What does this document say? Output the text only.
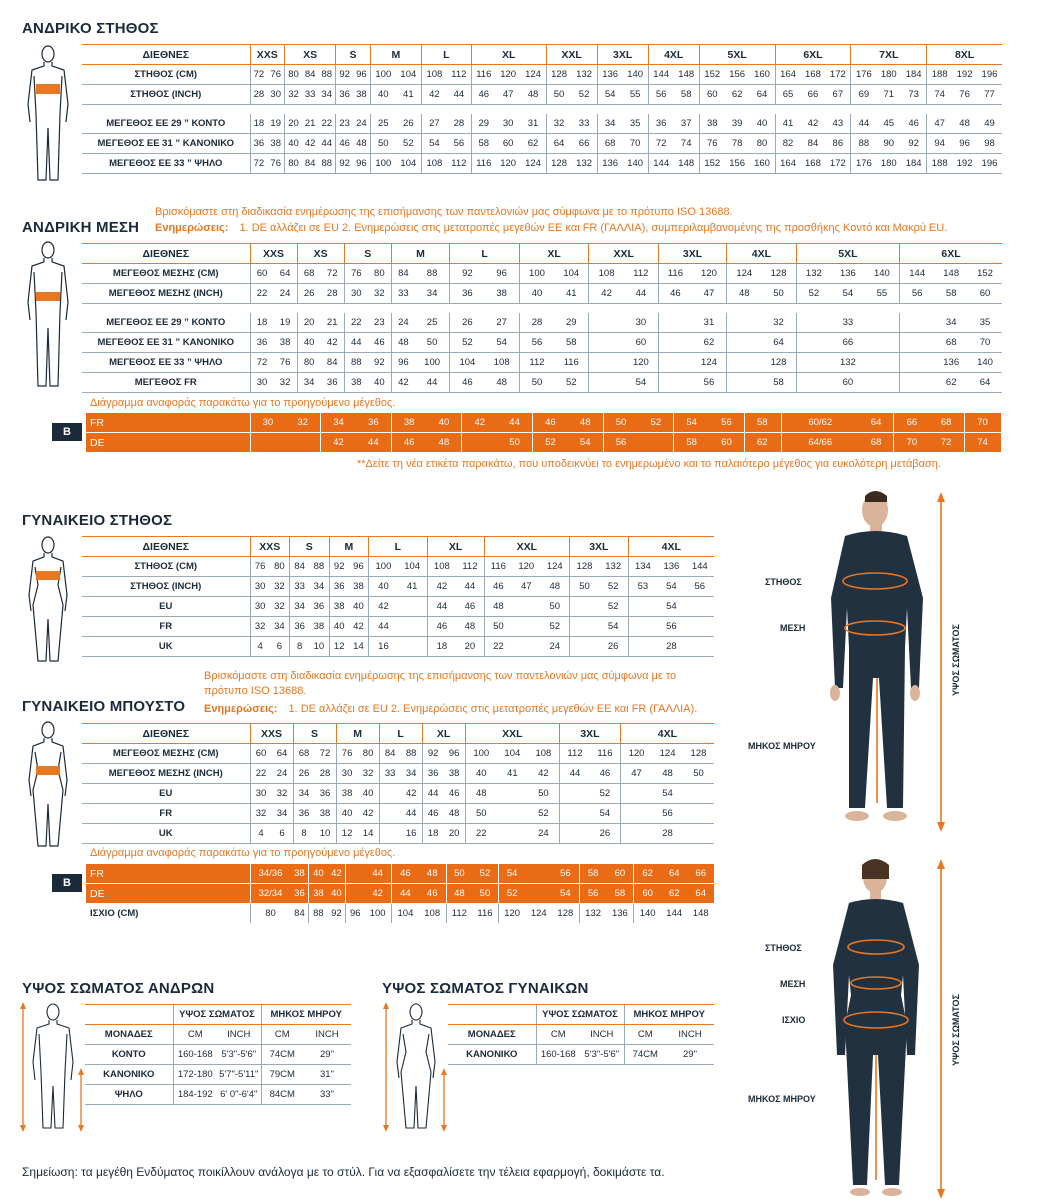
ΑΝΔΡΙΚΟ ΣΤΗΘΟΣ
ΔΙΕΘΝΕΣ	XXS		XS			S		M		L		XL			XXL		3XL		4XL		5XL			6XL			7XL			8XL		
ΣΤΗΘΟΣ (CM)	72	76	80	84	88	92	96	100	104	108	112	116	120	124	128	132	136	140	144	148	152	156	160	164	168	172	176	180	184	188	192	196
ΣΤΗΘΟΣ (INCH)	28	30	32	33	34	36	38	40	41	42	44	46	47	48	50	52	54	55	56	58	60	62	64	65	66	67	69	71	73	74	76	77

ΜΕΓΕΘΟΣ ΕΕ 29 ” ΚΟΝΤΟ	18	19	20	21	22	23	24	25	26	27	28	29	30	31	32	33	34	35	36	37	38	39	40	41	42	43	44	45	46	47	48	49
ΜΕΓΕΘΟΣ ΕΕ 31 ” ΚΑΝΟΝΙΚΟ	36	38	40	42	44	46	48	50	52	54	56	58	60	62	64	66	68	70	72	74	76	78	80	82	84	86	88	90	92	94	96	98
ΜΕΓΕΘΟΣ ΕΕ 33 ” ΨΗΛΟ	72	76	80	84	88	92	96	100	104	108	112	116	120	124	128	132	136	140	144	148	152	156	160	164	168	172	176	180	184	188	192	196
Βρισκόμαστε στη διαδικασία ενημέρωσης της επισήμανσης των παντελονιών μας σύμφωνα με το πρότυπο ISO 13688.
ΑΝΔΡΙΚΗ ΜΕΣΗ Ενημερώσεις: 1. DE αλλάζει σε EU 2. Ενημερώσεις στις μετατροπές μεγεθών ΕΕ και FR (ΓΑΛΛΙΑ), συμπεριλαμβανομένης της προσθήκης Κοντό και Μακρύ EU.
ΔΙΕΘΝΕΣ	XXS		XS		S		M		L		XL		XXL		3XL		4XL		5XL			6XL		
ΜΕΓΕΘΟΣ ΜΕΣΗΣ (CM)	60	64	68	72	76	80	84	88	92	96	100	104	108	112	116	120	124	128	132	136	140	144	148	152
ΜΕΓΕΘΟΣ ΜΕΣΗΣ (INCH)	22	24	26	28	30	32	33	34	36	38	40	41	42	44	46	47	48	50	52	54	55	56	58	60

ΜΕΓΕΘΟΣ ΕΕ 29 ” ΚΟΝΤΟ	18	19	20	21	22	23	24	25	26	27	28	29		30		31		32		33			34	35
ΜΕΓΕΘΟΣ ΕΕ 31 ” ΚΑΝΟΝΙΚΟ	36	38	40	42	44	46	48	50	52	54	56	58		60		62		64		66			68	70
ΜΕΓΕΘΟΣ ΕΕ 33 ” ΨΗΛΟ	72	76	80	84	88	92	96	100	104	108	112	116		120		124		128		132			136	140
ΜΕΓΕΘΟΣ FR	30	32	34	36	38	40	42	44	46	48	50	52		54		56		58		60			62	64
Διάγραμμα αναφοράς παρακάτω για το προηγούμενο μέγεθος.
B
FR	30	32	34	36	38	40	42	44	46	48	50	52	54	56	58		60/62	64	66	68		70		
DE			42	44	46	48		50	52	54	56		58	60	62		64/66	68	70	72		74		
**Δείτε τη νέα ετικέτα παρακάτω, που υποδεικνύει το ενημερωμένο και το παλαιότερο μέγεθος για ευκολότερη μετάβαση.
ΓΥΝΑΙΚΕΙΟ ΣΤΗΘΟΣ
ΔΙΕΘΝΕΣ	XXS		S		M		L		XL		XXL			3XL		4XL		
ΣΤΗΘΟΣ (CM)	76	80	84	88	92	96	100	104	108	112	116	120	124	128	132	134	136	144
ΣΤΗΘΟΣ (INCH)	30	32	33	34	36	38	40	41	42	44	46	47	48	50	52	53	54	56
EU	30	32	34	36	38	40	42		44	46	48		50		52		54	
FR	32	34	36	38	40	42	44		46	48	50		52		54		56	
UK	4	6	8	10	12	14	16		18	20	22		24		26		28	
Βρισκόμαστε στη διαδικασία ενημέρωσης της επισήμανσης των παντελονιών μας σύμφωνα με το
πρότυπο ISO 13688.
ΓΥΝΑΙΚΕΙΟ ΜΠΟΥΣΤΟ Ενημερώσεις: 1. DE αλλάζει σε EU 2. Ενημερώσεις στις μετατροπές μεγεθών ΕΕ και FR (ΓΑΛΛΙΑ).
ΔΙΕΘΝΕΣ	XXS		S		M		L		XL		XXL			3XL		4XL		
ΜΕΓΕΘΟΣ ΜΕΣΗΣ (CM)	60	64	68	72	76	80	84	88	92	96	100	104	108	112	116	120	124	128
ΜΕΓΕΘΟΣ ΜΕΣΗΣ (INCH)	22	24	26	28	30	32	33	34	36	38	40	41	42	44	46	47	48	50
EU	30	32	34	36	38	40		42	44	46	48		50		52		54	
FR	32	34	36	38	40	42		44	46	48	50		52		54		56	
UK	4	6	8	10	12	14		16	18	20	22		24		26		28	
Διάγραμμα αναφοράς παρακάτω για το προηγούμενο μέγεθος.
B
FR	34/36	38	40	42		44	46	48	50	52	54		56	58	60	62	64	66
DE	32/34	36	38	40		42	44	46	48	50	52		54	56	58	60	62	64
ΙΣΧΙΟ (CM)	80	84	88	92	96	100	104	108	112	116	120	124	128	132	136	140	144	148
ΣΤΗΘΟΣ
ΜΕΣΗ
ΜΗΚΟΣ ΜΗΡΟΥ
ΥΨΟΣ ΣΩΜΑΤΟΣ
ΣΤΗΘΟΣ
ΜΕΣΗ
ΙΣΧΙΟ
ΜΗΚΟΣ ΜΗΡΟΥ
ΥΨΟΣ ΣΩΜΑΤΟΣ
ΥΨΟΣ ΣΩΜΑΤΟΣ ΑΝΔΡΩΝ
	ΥΨΟΣ ΣΩΜΑΤΟΣ		ΜΗΚΟΣ ΜΗΡΟΥ	
ΜΟΝΑΔΕΣ	CM	INCH	CM	INCH
ΚΟΝΤΟ	160-168	5'3"-5'6"	74CM	29"
ΚΑΝΟΝΙΚΟ	172-180	5'7"-5'11"	79CM	31"
ΨΗΛΟ	184-192	6' 0"-6'4"	84CM	33"
ΥΨΟΣ ΣΩΜΑΤΟΣ ΓΥΝΑΙΚΩΝ
	ΥΨΟΣ ΣΩΜΑΤΟΣ		ΜΗΚΟΣ ΜΗΡΟΥ	
ΜΟΝΑΔΕΣ	CM	INCH	CM	INCH
ΚΑΝΟΝΙΚΟ	160-168	5'3"-5'6"	74CM	29"
Σημείωση: τα μεγέθη Ενδύματος ποικίλλουν ανάλογα με το στύλ. Για να εξασφαλίσετε την τέλεια εφαρμογή, δοκιμάστε τα.
